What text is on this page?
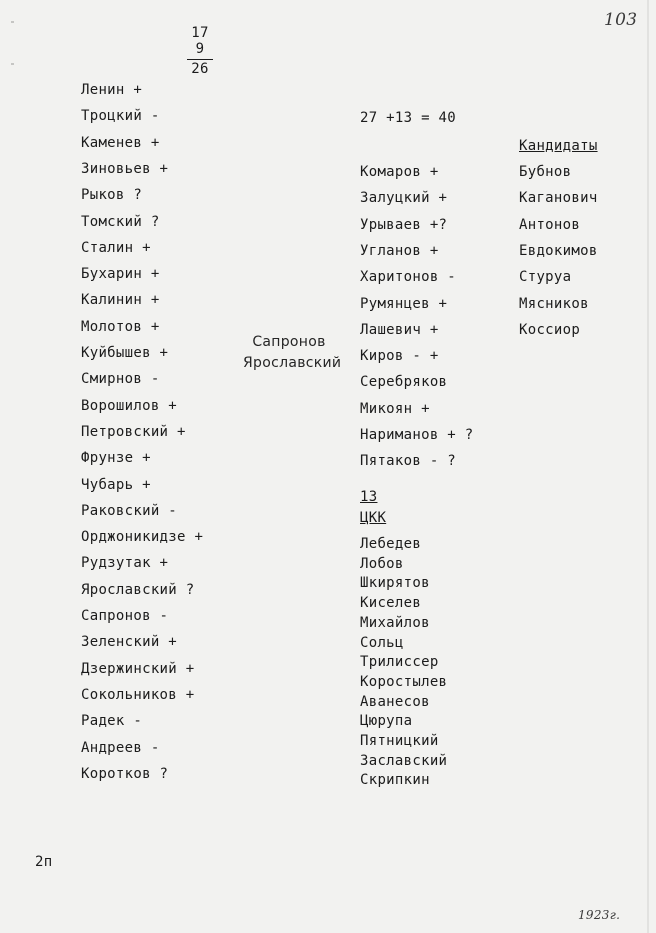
103
17
9
26
Ленин +
Троцкий -
Каменев +
Зиновьев +
Рыков ?
Томский ?
Сталин +
Бухарин +
Калинин +
Молотов +
Куйбышев +
Смирнов -
Ворошилов +
Петровский +
Фрунзе +
Чубарь +
Раковский -
Орджоникидзе +
Рудзутак +
Ярославский ?
Сапронов -
Зеленский +
Дзержинский +
Сокольников +
Радек -
Андреев -
Коротков ?
Сапронов
Ярославский
27 +13 = 40
Комаров +
Залуцкий +
Урываев +?
Угланов +
Харитонов -
Румянцев +
Лашевич +
Киров - +
Серебряков
Микоян +
Нариманов + ?
Пятаков - ?
13
ЦКК
Лебедев
Лобов
Шкирятов
Киселев
Михайлов
Сольц
Трилиссер
Коростылев
Аванесов
Цюрупа
Пятницкий
Заславский
Скрипкин
Кандидаты
Бубнов
Каганович
Антонов
Евдокимов
Стуруа
Мясников
Коссиор
2п
1923г.
